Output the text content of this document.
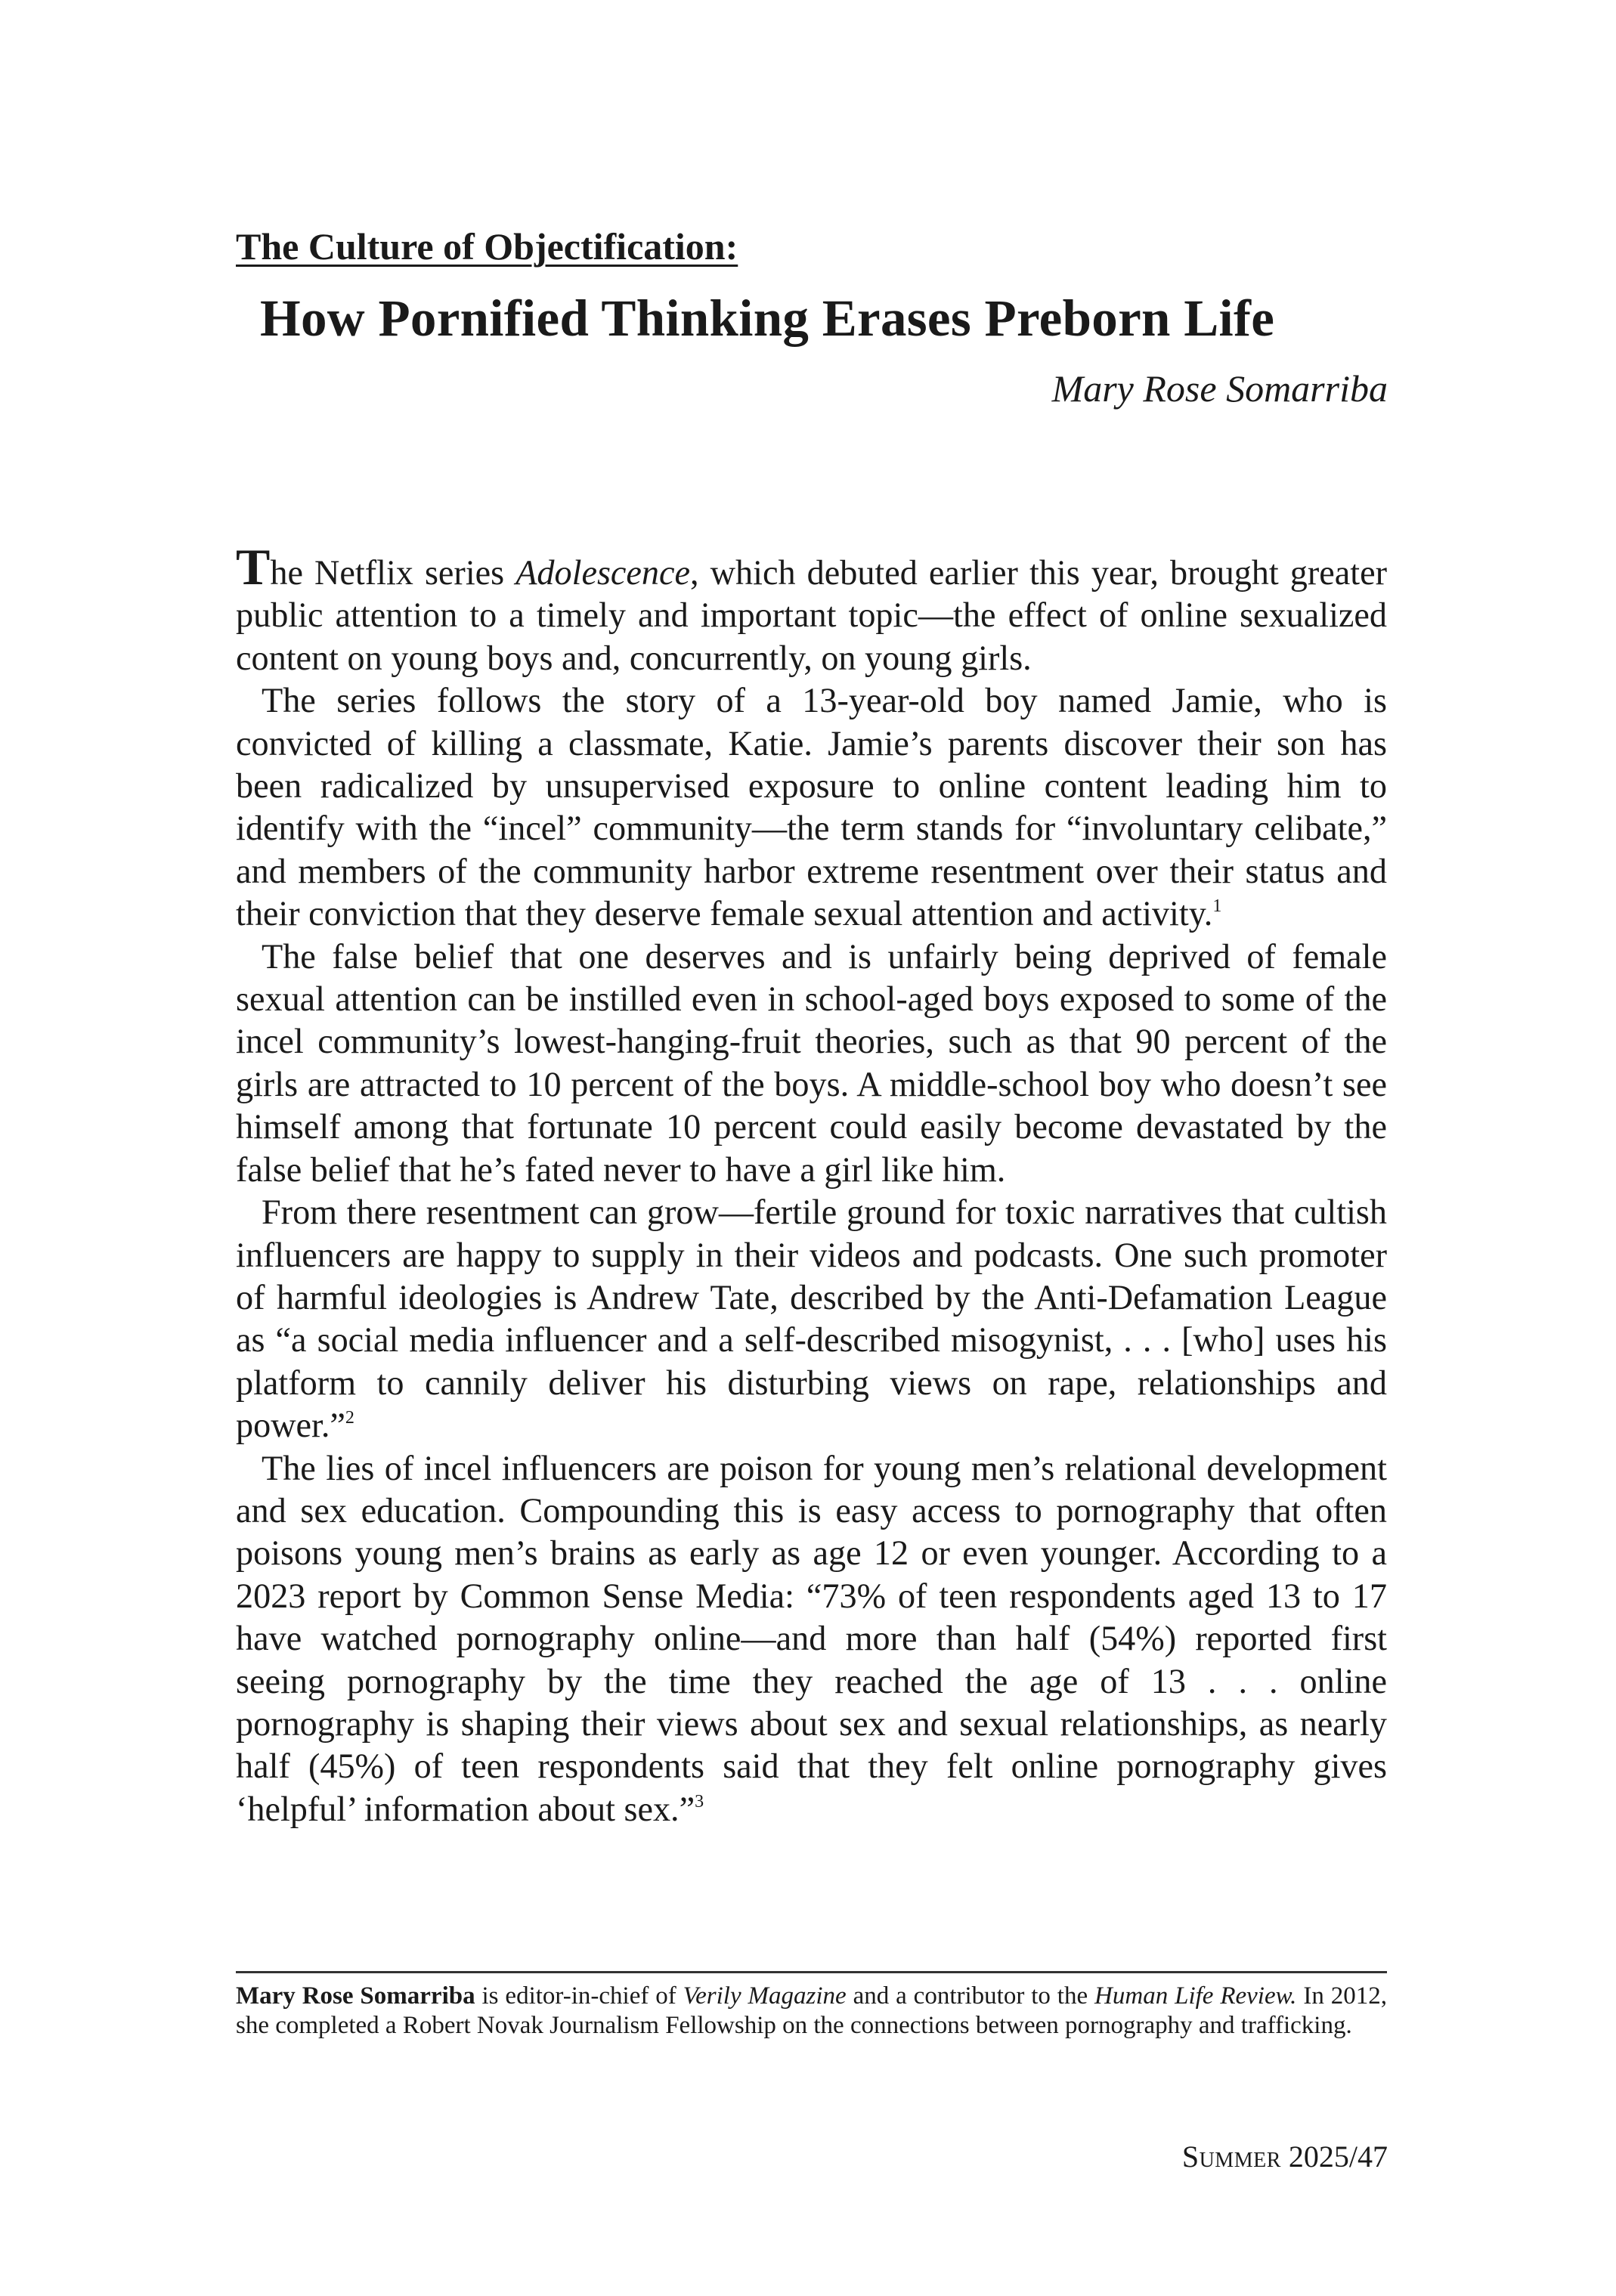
The Culture of Objectification:
How Pornified Thinking Erases Preborn Life
Mary Rose Somarriba

The Netflix series Adolescence, which debuted earlier this year, brought greater public attention to a timely and important topic—the effect of online sexualized content on young boys and, concurrently, on young girls.

The series follows the story of a 13-year-old boy named Jamie, who is convicted of killing a classmate, Katie. Jamie’s parents discover their son has been radicalized by unsupervised exposure to online content leading him to identify with the “incel” community—the term stands for “involuntary celibate,” and members of the community harbor extreme resentment over their status and their conviction that they deserve female sexual attention and activity.$^1$

The false belief that one deserves and is unfairly being deprived of female sexual attention can be instilled even in school-aged boys exposed to some of the incel community’s lowest-hanging-fruit theories, such as that 90 percent of the girls are attracted to 10 percent of the boys. A middle-school boy who doesn’t see himself among that fortunate 10 percent could easily become devastated by the false belief that he’s fated never to have a girl like him.

From there resentment can grow—fertile ground for toxic narratives that cultish influencers are happy to supply in their videos and podcasts. One such promoter of harmful ideologies is Andrew Tate, described by the Anti-Defamation League as “a social media influencer and a self-described misogynist, . . . [who] uses his platform to cannily deliver his disturbing views on rape, relationships and power.”$^2$

The lies of incel influencers are poison for young men’s relational development and sex education. Compounding this is easy access to pornography that often poisons young men’s brains as early as age 12 or even younger. According to a 2023 report by Common Sense Media: “73% of teen respondents aged 13 to 17 have watched pornography online—and more than half (54%) reported first seeing pornography by the time they reached the age of 13 . . . online pornography is shaping their views about sex and sexual relationships, as nearly half (45%) of teen respondents said that they felt online pornography gives ‘helpful’ information about sex.”$^3$

Mary Rose Somarriba is editor-in-chief of Verily Magazine and a contributor to the Human Life Review. In 2012, she completed a Robert Novak Journalism Fellowship on the connections between pornography and trafficking.
Summer 2025/47
